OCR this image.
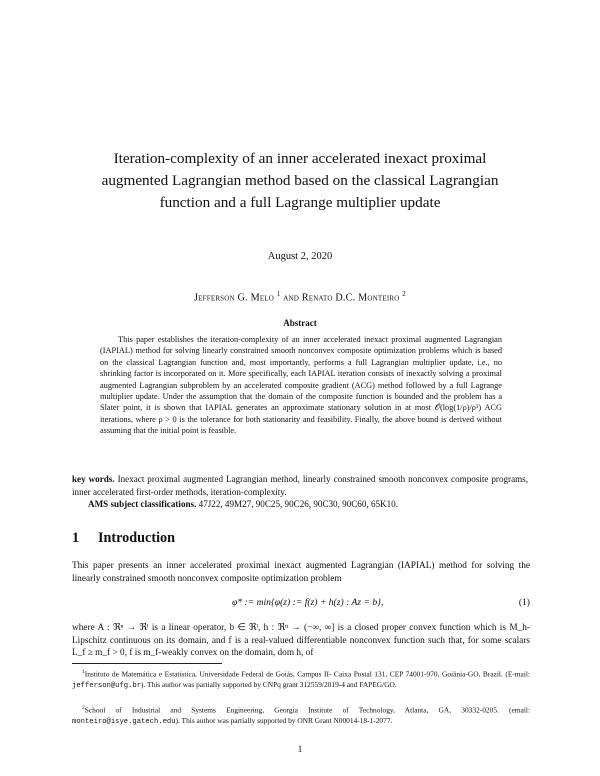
Iteration-complexity of an inner accelerated inexact proximal
augmented Lagrangian method based on the classical Lagrangian
function and a full Lagrange multiplier update
August 2, 2020
Jefferson G. Melo $^1$ and Renato D.C. Monteiro $^2$
Abstract
This paper establishes the iteration-complexity of an inner accelerated inexact proximal augmented Lagrangian (IAPIAL) method for solving linearly constrained smooth nonconvex composite optimization problems which is based on the classical Lagrangian function and, most importantly, performs a full Lagrangian multiplier update, i.e., no shrinking factor is incorporated on it. More specifically, each IAPIAL iteration consists of inexactly solving a proximal augmented Lagrangian subproblem by an accelerated composite gradient (ACG) method followed by a full Lagrange multiplier update. Under the assumption that the domain of the composite function is bounded and the problem has a Slater point, it is shown that IAPIAL generates an approximate stationary solution in at most 𝒪(log(1/ρ)/ρ³) ACG iterations, where ρ > 0 is the tolerance for both stationarity and feasibility. Finally, the above bound is derived without assuming that the initial point is feasible.
key words. Inexact proximal augmented Lagrangian method, linearly constrained smooth nonconvex composite programs, inner accelerated first-order methods, iteration-complexity.
AMS subject classifications. 47J22, 49M27, 90C25, 90C26, 90C30, 90C60, 65K10.
1 Introduction
This paper presents an inner accelerated proximal inexact augmented Lagrangian (IAPIAL) method for solving the linearly constrained smooth nonconvex composite optimization problem
φ* := min{φ(z) := f(z) + h(z) : Az = b},	(1)
where A : ℜⁿ → ℜˡ is a linear operator, b ∈ ℜˡ, h : ℜⁿ → (−∞, ∞] is a closed proper convex function which is M_h-Lipschitz continuous on its domain, and f is a real-valued differentiable nonconvex function such that, for some scalars L_f ≥ m_f > 0, f is m_f-weakly convex on the domain, dom h, of
$^1$Instituto de Matemática e Estatística, Universidade Federal de Goiás, Campus II- Caixa Postal 131, CEP 74001-970, Goiânia-GO, Brazil. (E-mail: jefferson@ufg.br). This author was partially supported by CNPq grant 312559/2019-4 and FAPEG/GO.
$^2$School of Industrial and Systems Engineering, Georgia Institute of Technology, Atlanta, GA, 30332-0205. (email: monteiro@isye.gatech.edu). This author was partially supported by ONR Grant N00014-18-1-2077.
1
